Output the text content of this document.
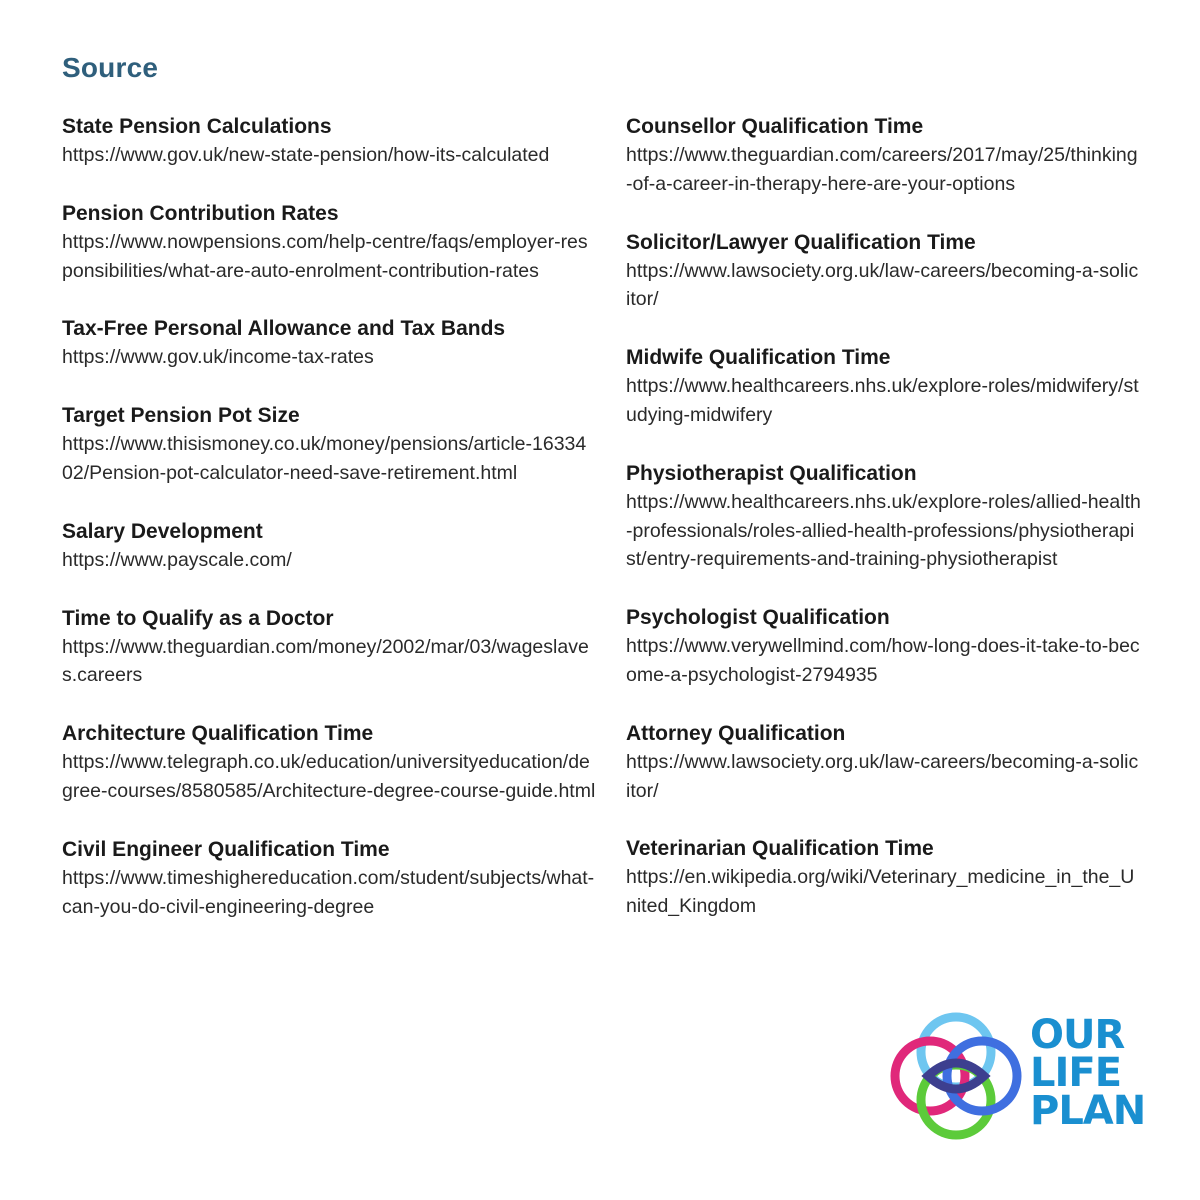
Source
State Pension Calculations
https://www.gov.uk/new-state-pension/how-its-calculated
Pension Contribution Rates
https://www.nowpensions.com/help-centre/faqs/employer-responsibilities/what-are-auto-enrolment-contribution-rates
Tax-Free Personal Allowance and Tax Bands
https://www.gov.uk/income-tax-rates
Target Pension Pot Size
https://www.thisismoney.co.uk/money/pensions/article-1633402/Pension-pot-calculator-need-save-retirement.html
Salary Development
https://www.payscale.com/
Time to Qualify as a Doctor
https://www.theguardian.com/money/2002/mar/03/wageslaves.careers
Architecture Qualification Time
https://www.telegraph.co.uk/education/universityeducation/degree-courses/8580585/Architecture-degree-course-guide.html
Civil Engineer Qualification Time
https://www.timeshighereducation.com/student/subjects/what-can-you-do-civil-engineering-degree
Counsellor Qualification Time
https://www.theguardian.com/careers/2017/may/25/thinking-of-a-career-in-therapy-here-are-your-options
Solicitor/Lawyer Qualification Time
https://www.lawsociety.org.uk/law-careers/becoming-a-solicitor/
Midwife Qualification Time
https://www.healthcareers.nhs.uk/explore-roles/midwifery/studying-midwifery
Physiotherapist Qualification
https://www.healthcareers.nhs.uk/explore-roles/allied-health-professionals/roles-allied-health-professions/physiotherapist/entry-requirements-and-training-physiotherapist
Psychologist Qualification
https://www.verywellmind.com/how-long-does-it-take-to-become-a-psychologist-2794935
Attorney Qualification
https://www.lawsociety.org.uk/law-careers/becoming-a-solicitor/
Veterinarian Qualification Time
https://en.wikipedia.org/wiki/Veterinary_medicine_in_the_United_Kingdom
OUR
LIFE
PLAN
